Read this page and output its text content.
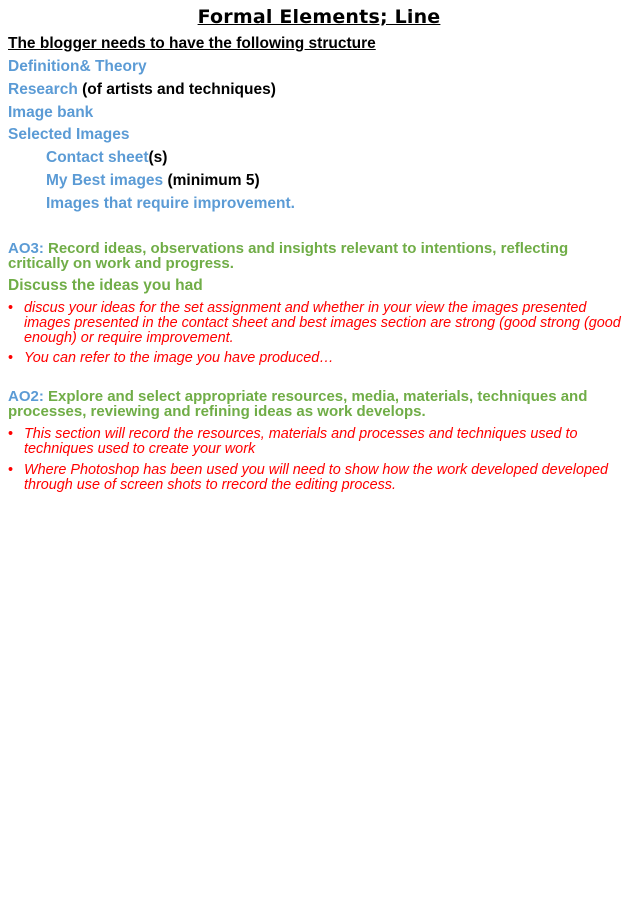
Formal Elements; Line
The blogger needs to have the following structure
Definition& Theory
Research (of artists and techniques)
Image bank
Selected Images
Contact sheet(s)
My Best images (minimum 5)
Images that require improvement.
AO3: Record ideas, observations and insights relevant to intentions, reflecting critically on work and progress.
Discuss the ideas you had
• discus your ideas for the set assignment and whether in your view the images presented images presented in the contact sheet and best images section are strong (good strong (good enough) or require improvement.
• You can refer to the image you have produced…
AO2: Explore and select appropriate resources, media, materials, techniques and processes, reviewing and refining ideas as work develops.
• This section will record the resources, materials and processes and techniques used to techniques used to create your work
• Where Photoshop has been used you will need to show how the work developed developed through use of screen shots to rrecord the editing process.
